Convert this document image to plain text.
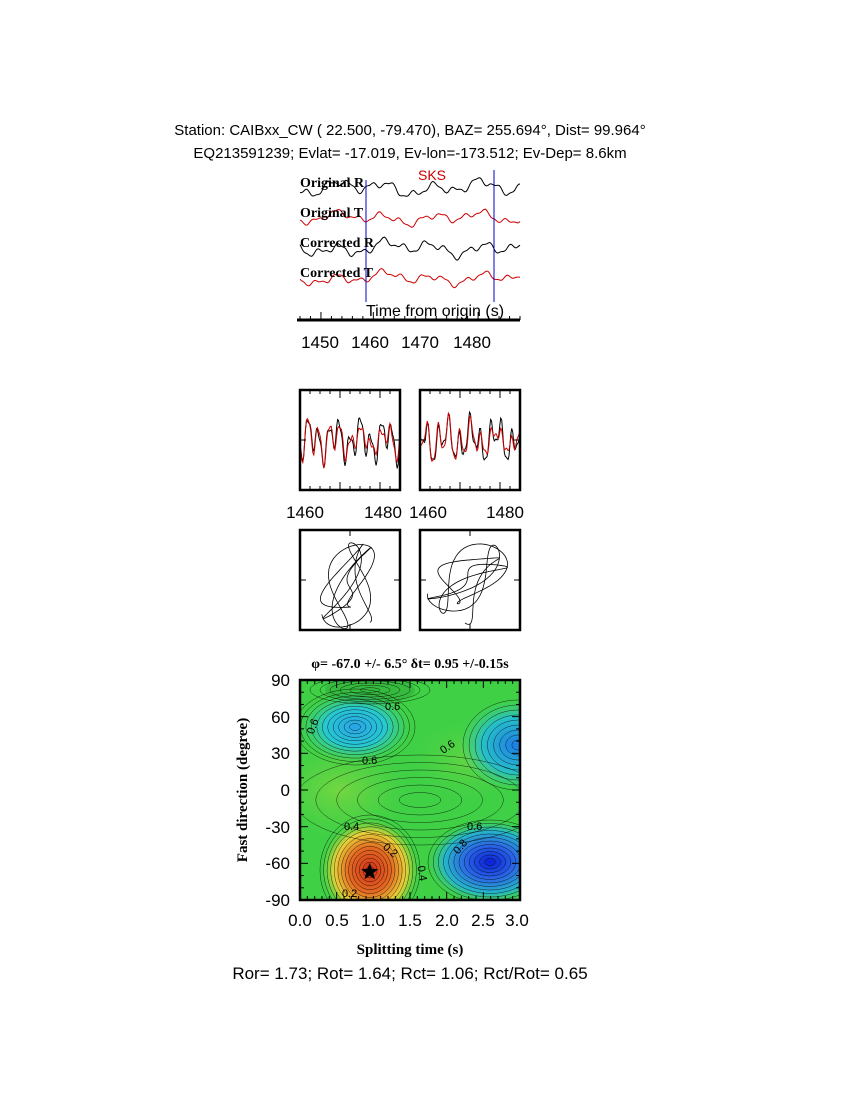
Station: CAIBxx_CW ( 22.500, -79.470), BAZ= 255.694°, Dist= 99.964°
EQ213591239; Evlat= -17.019, Ev-lon=-173.512; Ev-Dep= 8.6km
SKS
Original R
Original T
Corrected R
Corrected T
Time from origin (s)
1450 1460 1470 1480
1460 1480 1460 1480
φ= -67.0 +/- 6.5° δt= 0.95 +/-0.15s
0.6
0.6
0.6
0.6
0.4
0.2
0.4
0.6
0.8
0.2
90
60
30
0
-30
-60
-90
0.0 0.5 1.0 1.5 2.0 2.5 3.0
Splitting time (s)
Fast direction (degree)
Ror= 1.73; Rot= 1.64; Rct= 1.06; Rct/Rot= 0.65
